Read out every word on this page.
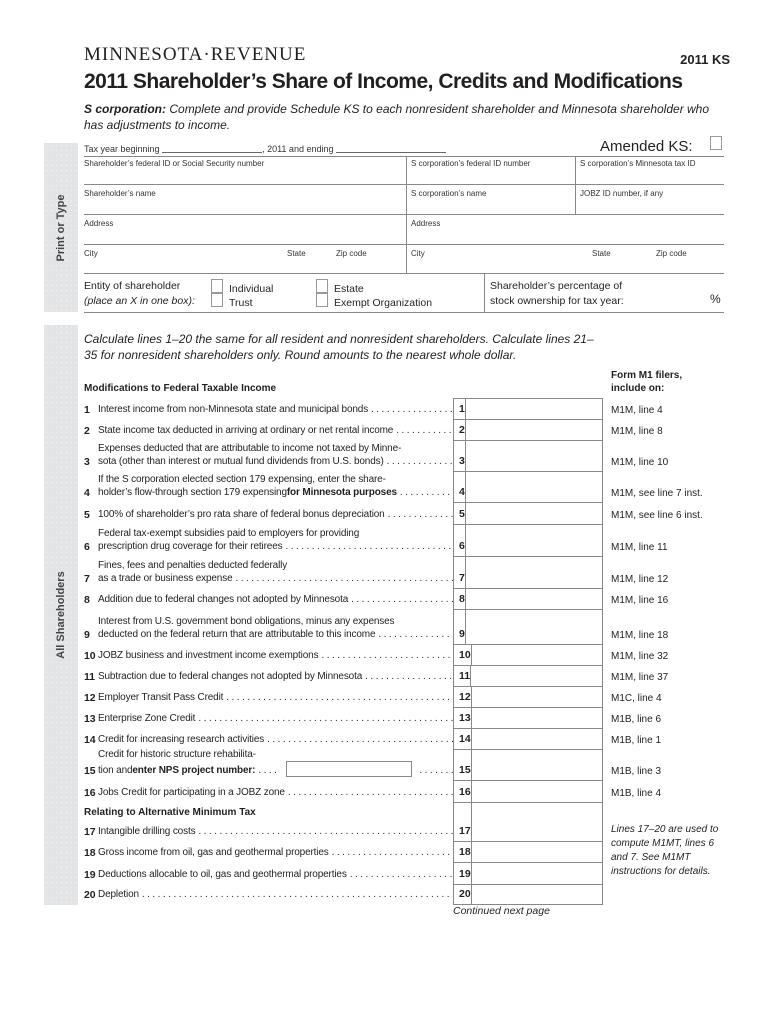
MINNESOTA·REVENUE	2011 KS
2011 Shareholder’s Share of Income, Credits and Modifications
S corporation: Complete and provide Schedule KS to each nonresident shareholder and Minnesota shareholder who has adjustments to income.
Print or Type
Tax year beginning	, 2011 and ending	Amended KS:
Shareholder’s federal ID or Social Security number	S corporation’s federal ID number	S corporation’s Minnesota tax ID
Shareholder’s name	S corporation’s name	JOBZ ID number, if any
Address	Address
City	State	Zip code	City	State	Zip code
Entity of shareholder
(place an X in one box):
Individual
Trust
Estate
Exempt Organization
Shareholder’s percentage of
stock ownership for tax year:	%
All Shareholders
Calculate lines 1–20 the same for all resident and nonresident shareholders. Calculate lines 21–35 for nonresident shareholders only. Round amounts to the nearest whole dollar.
Modifications to Federal Taxable Income
Form M1 filers,
include on:
Relating to Alternative Minimum Tax
1 Interest income from non-Minnesota state and municipal bonds . . .	1	M1M, line 4
2 State income tax deducted in arriving at ordinary or net rental income . . .	2	M1M, line 8
3
Expenses deducted that are attributable to income not taxed by Minne-
sota (other than interest or mutual fund dividends from U.S. bonds) . . .	3	M1M, line 10
4
If the S corporation elected section 179 expensing, enter the share-
holder’s flow-through section 179 expensing for Minnesota purposes . . .	4	M1M, see line 7 inst.
5 100% of shareholder’s pro rata share of federal bonus depreciation . . .	5	M1M, see line 6 inst.
6
Federal tax-exempt subsidies paid to employers for providing
prescription drug coverage for their retirees . . .	6	M1M, line 11
7
Fines, fees and penalties deducted federally
as a trade or business expense . . .	7	M1M, line 12
8 Addition due to federal changes not adopted by Minnesota . . .	8	M1M, line 16
9
Interest from U.S. government bond obligations, minus any expenses
deducted on the federal return that are attributable to this income . . .	9	M1M, line 18
10 JOBZ business and investment income exemptions . . .	10	M1M, line 32
11 Subtraction due to federal changes not adopted by Minnesota . . .	11	M1M, line 37
12 Employer Transit Pass Credit . . .	12	M1C, line 4
13 Enterprise Zone Credit . . .	13	M1B, line 6
14 Credit for increasing research activities . . .	14	M1B, line 1
15
Credit for historic structure rehabilita-
tion and enter NPS project number: . . . . . .	15	M1B, line 3
16 Jobs Credit for participating in a JOBZ zone . . .	16	M1B, line 4
17 Intangible drilling costs . . .	17
18 Gross income from oil, gas and geothermal properties . . .	18
19 Deductions allocable to oil, gas and geothermal properties . . .	19
20 Depletion . . .	20
Lines 17–20 are used to compute M1MT, lines 6 and 7. See M1MT instructions for details.
Continued next page
